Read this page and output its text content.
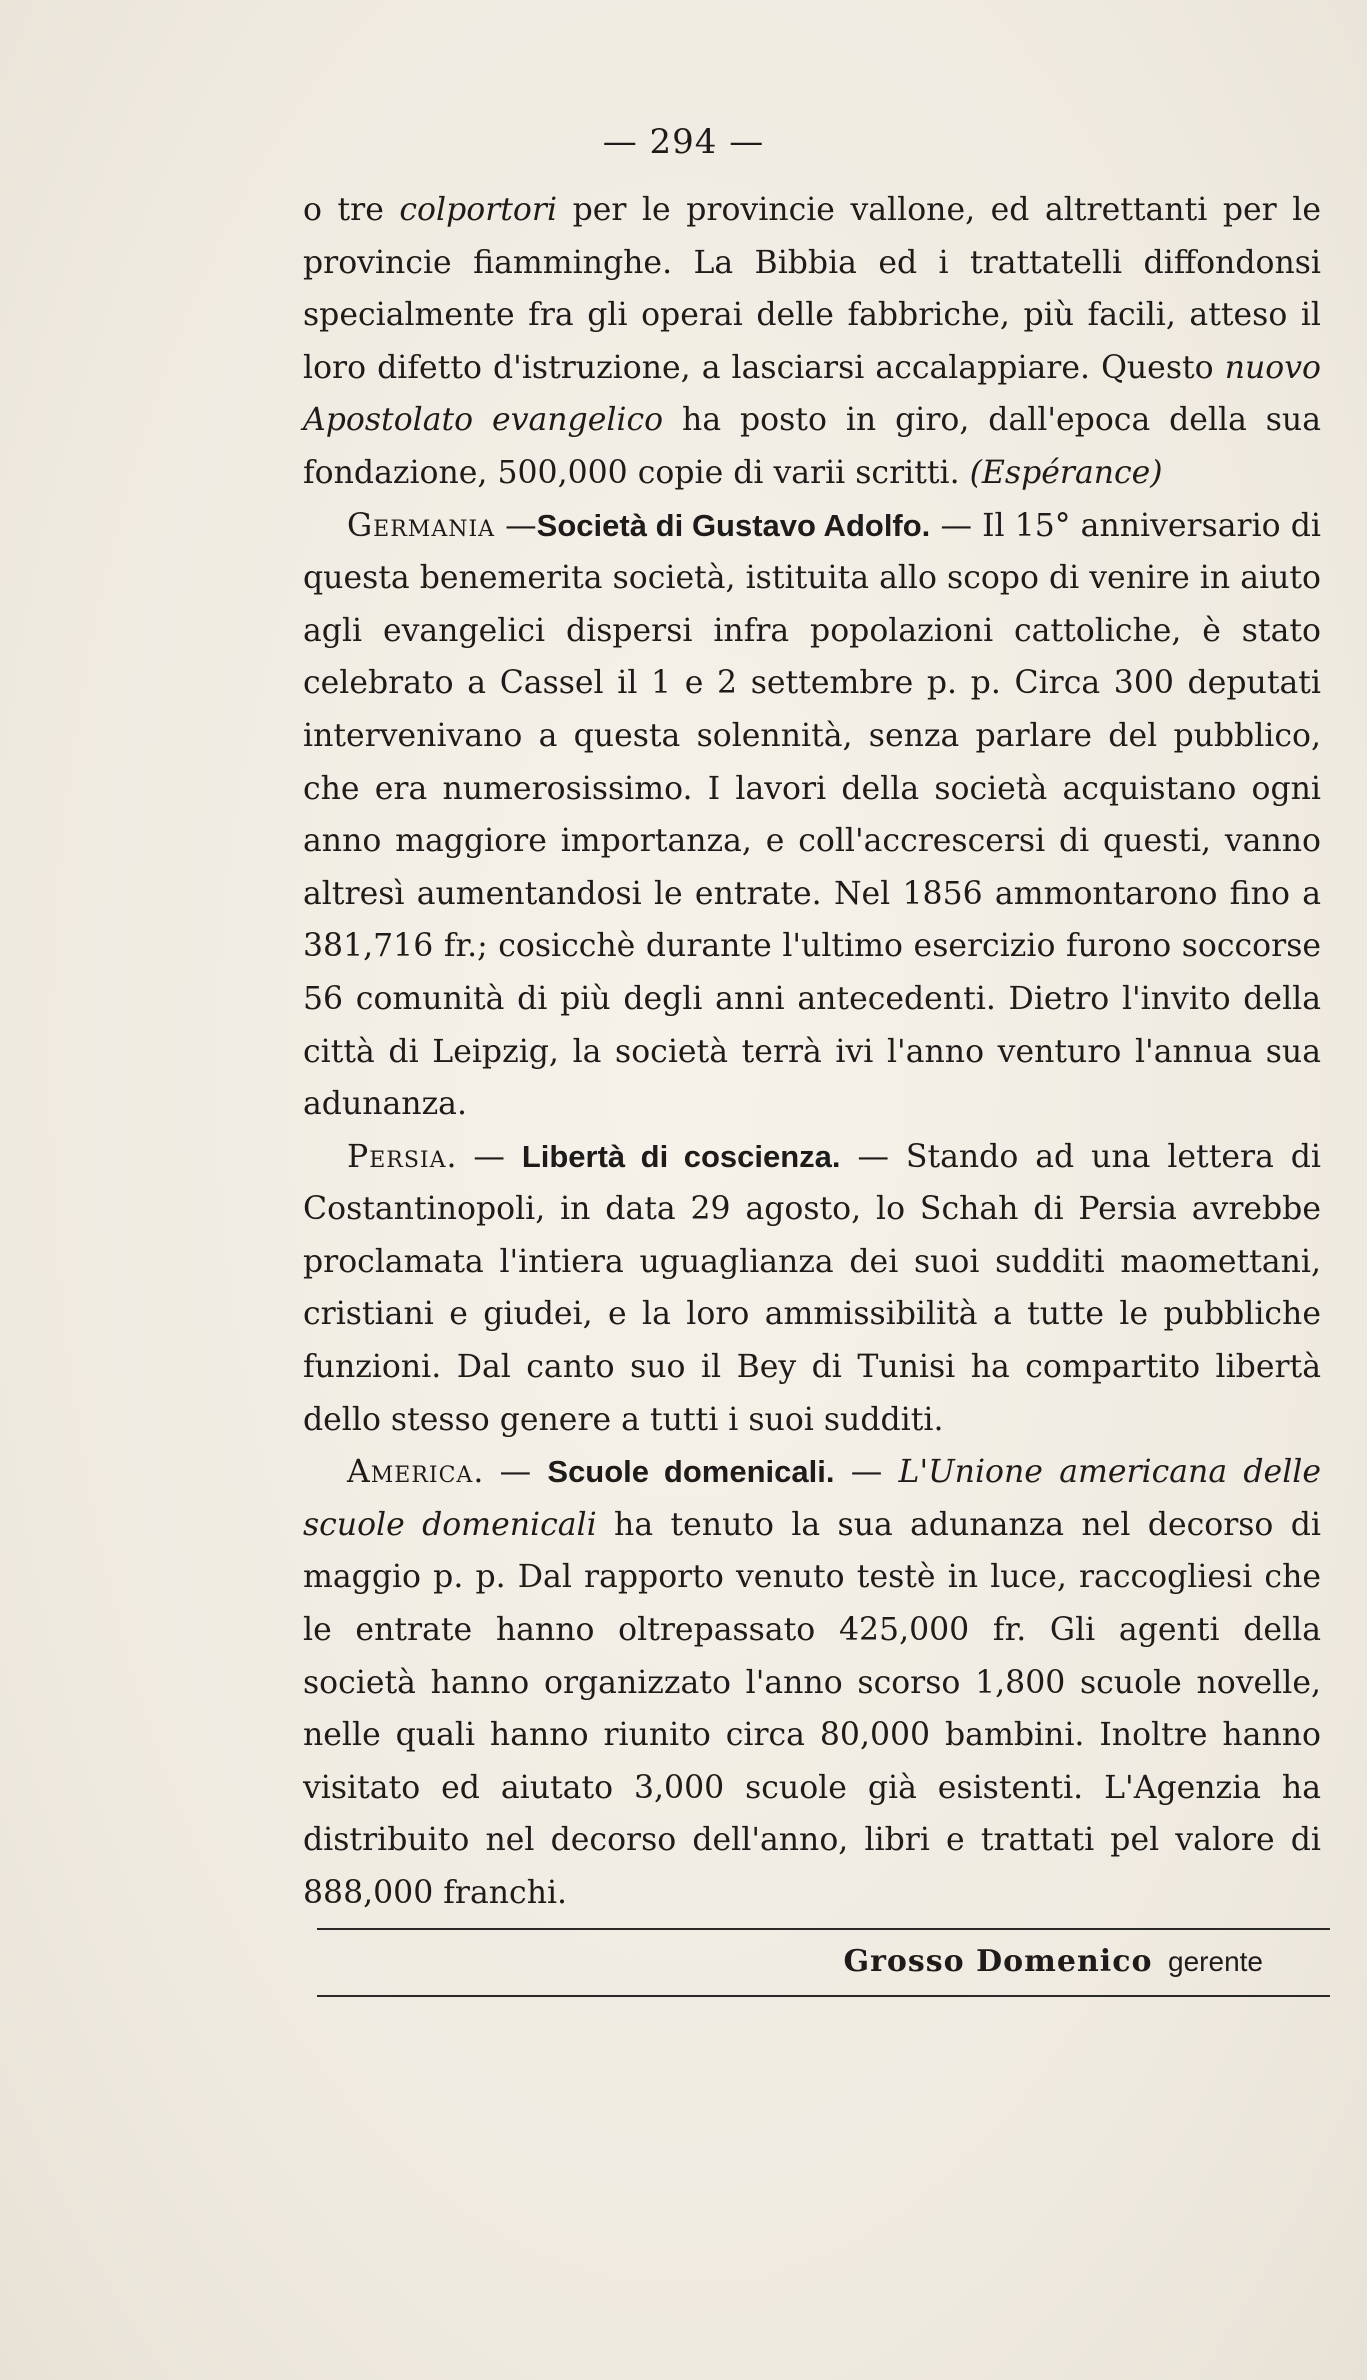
— 294 —

o tre colportori per le provincie vallone, ed altrettanti per le provincie fiamminghe. La Bibbia ed i trattatelli diffondonsi specialmente fra gli operai delle fabbriche, più facili, atteso il loro difetto d'istruzione, a lasciarsi accalappiare. Questo nuovo Apostolato evangelico ha posto in giro, dall'epoca della sua fondazione, 500,000 copie di varii scritti. (Espérance)

Germania —Società di Gustavo Adolfo. — Il 15° anniversario di questa benemerita società, istituita allo scopo di venire in aiuto agli evangelici dispersi infra popolazioni cattoliche, è stato celebrato a Cassel il 1 e 2 settembre p. p. Circa 300 deputati intervenivano a questa solennità, senza parlare del pubblico, che era numerosissimo. I lavori della società acquistano ogni anno maggiore importanza, e coll'accrescersi di questi, vanno altresì aumentandosi le entrate. Nel 1856 ammontarono fino a 381,716 fr.; cosicchè durante l'ultimo esercizio furono soccorse 56 comunità di più degli anni antecedenti. Dietro l'invito della città di Leipzig, la società terrà ivi l'anno venturo l'annua sua adunanza.

Persia. — Libertà di coscienza. — Stando ad una lettera di Costantinopoli, in data 29 agosto, lo Schah di Persia avrebbe proclamata l'intiera uguaglianza dei suoi sudditi maomettani, cristiani e giudei, e la loro ammissibilità a tutte le pubbliche funzioni. Dal canto suo il Bey di Tunisi ha compartito libertà dello stesso genere a tutti i suoi sudditi.

America. — Scuole domenicali. — L'Unione americana delle scuole domenicali ha tenuto la sua adunanza nel decorso di maggio p. p. Dal rapporto venuto testè in luce, raccogliesi che le entrate hanno oltrepassato 425,000 fr. Gli agenti della società hanno organizzato l'anno scorso 1,800 scuole novelle, nelle quali hanno riunito circa 80,000 bambini. Inoltre hanno visitato ed aiutato 3,000 scuole già esistenti. L'Agenzia ha distribuito nel decorso dell'anno, libri e trattati pel valore di 888,000 franchi.

Grosso Domenico gerente
